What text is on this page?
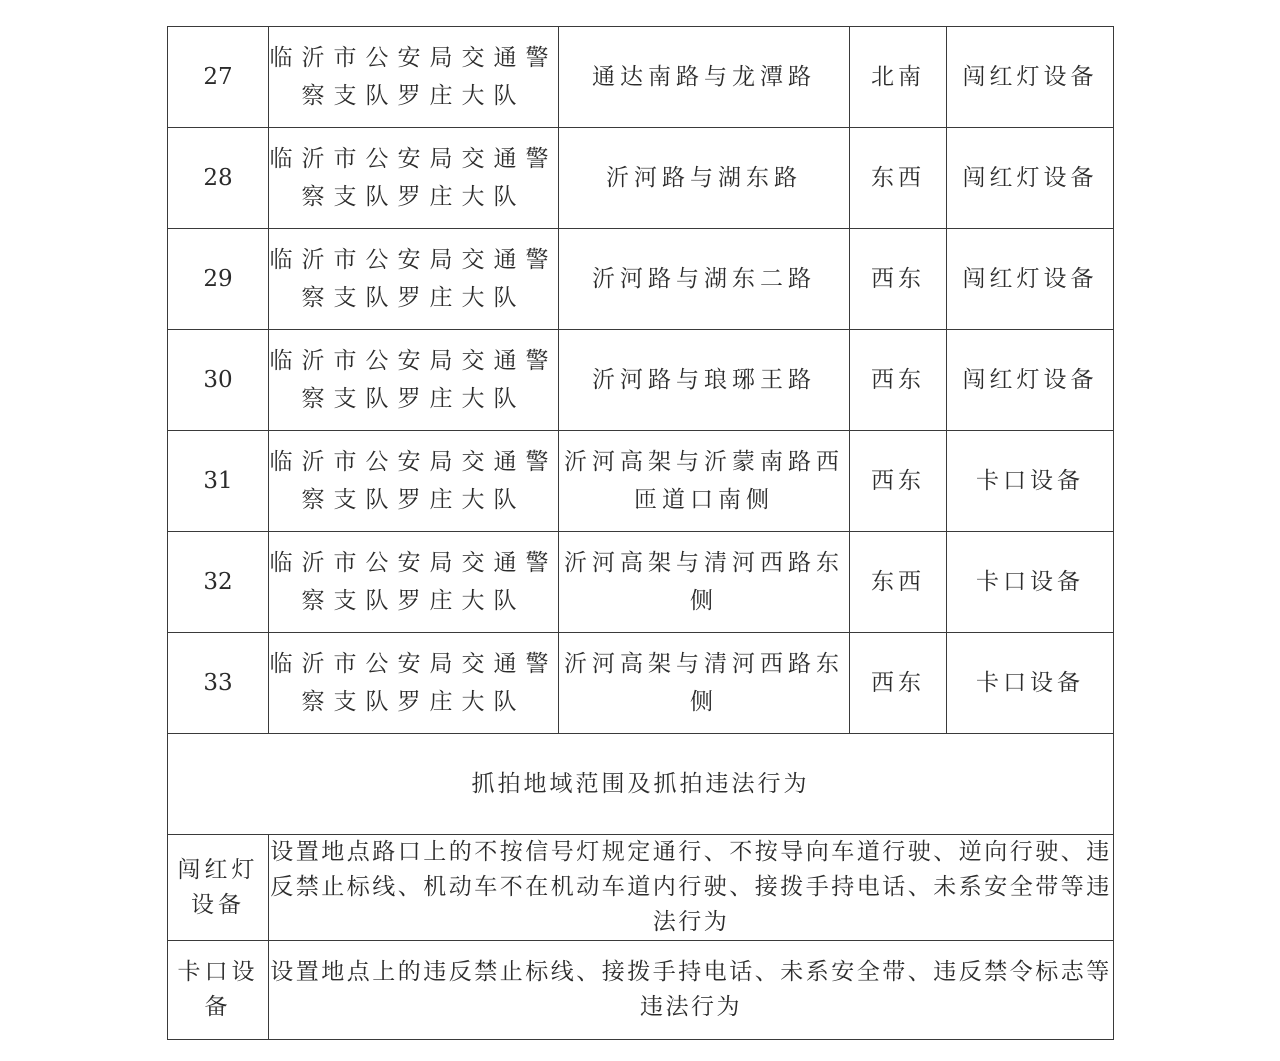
27	临沂市公安局交通警察支队罗庄大队	通达南路与龙潭路	北南	闯红灯设备
28	临沂市公安局交通警察支队罗庄大队	沂河路与湖东路	东西	闯红灯设备
29	临沂市公安局交通警察支队罗庄大队	沂河路与湖东二路	西东	闯红灯设备
30	临沂市公安局交通警察支队罗庄大队	沂河路与琅琊王路	西东	闯红灯设备
31	临沂市公安局交通警察支队罗庄大队	沂河高架与沂蒙南路西匝道口南侧	西东	卡口设备
32	临沂市公安局交通警察支队罗庄大队	沂河高架与清河西路东侧	东西	卡口设备
33	临沂市公安局交通警察支队罗庄大队	沂河高架与清河西路东侧	西东	卡口设备
抓拍地域范围及抓拍违法行为				
闯红灯设备	设置地点路口上的不按信号灯规定通行、不按导向车道行驶、逆向行驶、违反禁止标线、机动车不在机动车道内行驶、接拨手持电话、未系安全带等违法行为			
卡口设备	设置地点上的违反禁止标线、接拨手持电话、未系安全带、违反禁令标志等违法行为			
